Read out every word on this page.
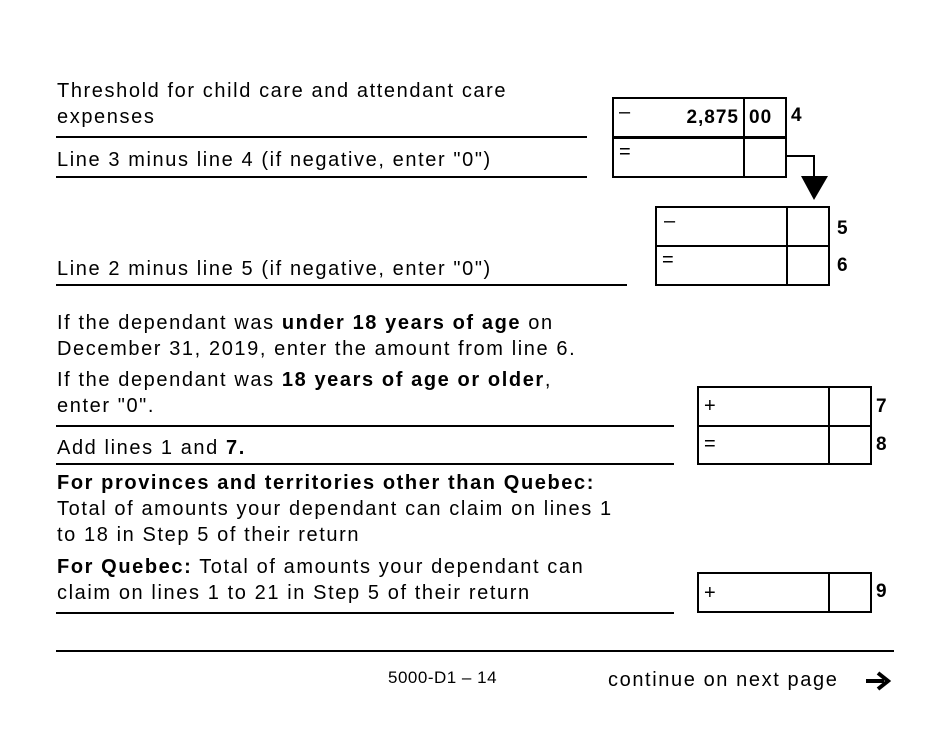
Threshold for child care and attendant care
expenses	–	2,875 00 4
Line 3 minus line 4 (if negative, enter "0")	=
–	5
Line 2 minus line 5 (if negative, enter "0")	=	6
If the dependant was under 18 years of age on
December 31, 2019, enter the amount from line 6.
If the dependant was 18 years of age or older,
enter "0".	+	7
Add lines 1 and 7.	=	8
For provinces and territories other than Quebec:
Total of amounts your dependant can claim on lines 1
to 18 in Step 5 of their return
For Quebec: Total of amounts your dependant can
claim on lines 1 to 21 in Step 5 of their return	+	9
5000-D1 – 14	continue on next page
